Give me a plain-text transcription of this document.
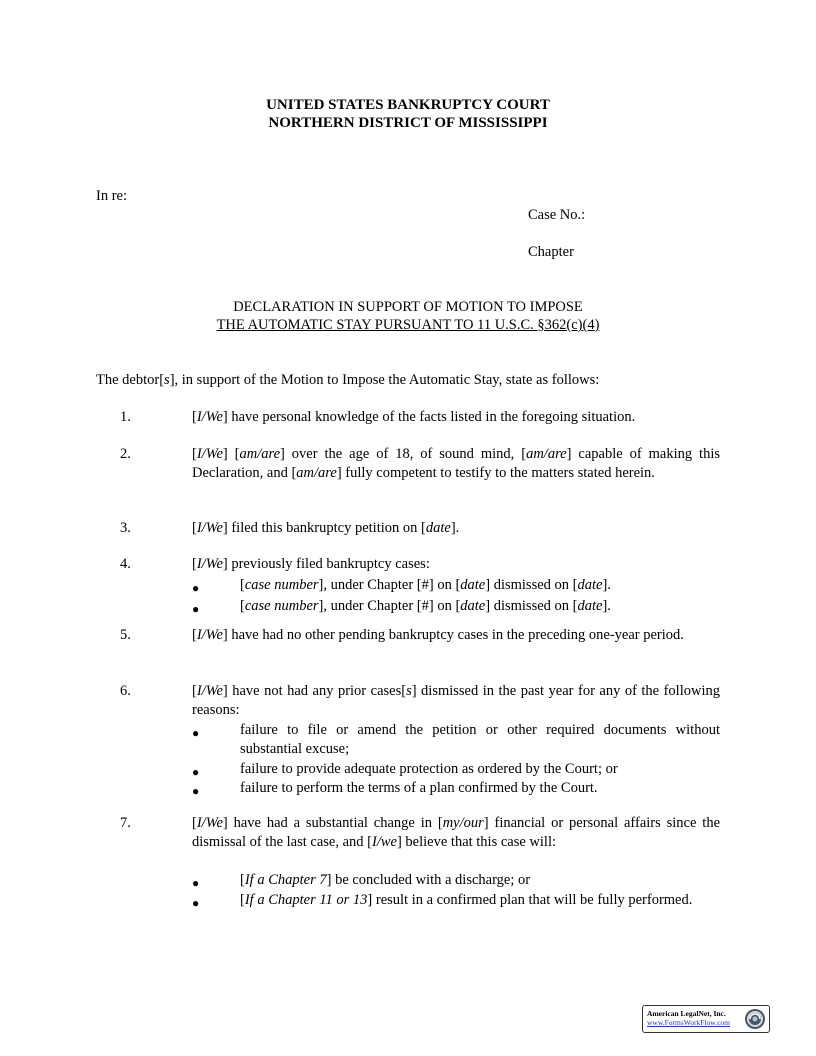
UNITED STATES BANKRUPTCY COURT
NORTHERN DISTRICT OF MISSISSIPPI
In re:
Case No.:
Chapter
DECLARATION IN SUPPORT OF MOTION TO IMPOSE
THE AUTOMATIC STAY PURSUANT TO 11 U.S.C. §362(c)(4)
The debtor[s], in support of the Motion to Impose the Automatic Stay, state as follows:
1.	[I/We] have personal knowledge of the facts listed in the foregoing situation.
2.	[I/We] [am/are] over the age of 18, of sound mind, [am/are] capable of making this Declaration, and [am/are] fully competent to testify to the matters stated herein.
3.	[I/We] filed this bankruptcy petition on [date].
4.	[I/We] previously filed bankruptcy cases:

●	[case number], under Chapter [#] on [date] dismissed on [date].
●	[case number], under Chapter [#] on [date] dismissed on [date].
5.	[I/We] have had no other pending bankruptcy cases in the preceding one-year period.
6.	[I/We] have not had any prior cases[s] dismissed in the past year for any of the following reasons:

●	failure to file or amend the petition or other required documents without substantial excuse;
●	failure to provide adequate protection as ordered by the Court; or
●	failure to perform the terms of a plan confirmed by the Court.
7.	[I/We] have had a substantial change in [my/our] financial or personal affairs since the dismissal of the last case, and [I/we] believe that this case will:

●	[If a Chapter 7] be concluded with a discharge; or
●	[If a Chapter 11 or 13] result in a confirmed plan that will be fully performed.
American LegalNet, Inc.
www.FormsWorkFlow.com
